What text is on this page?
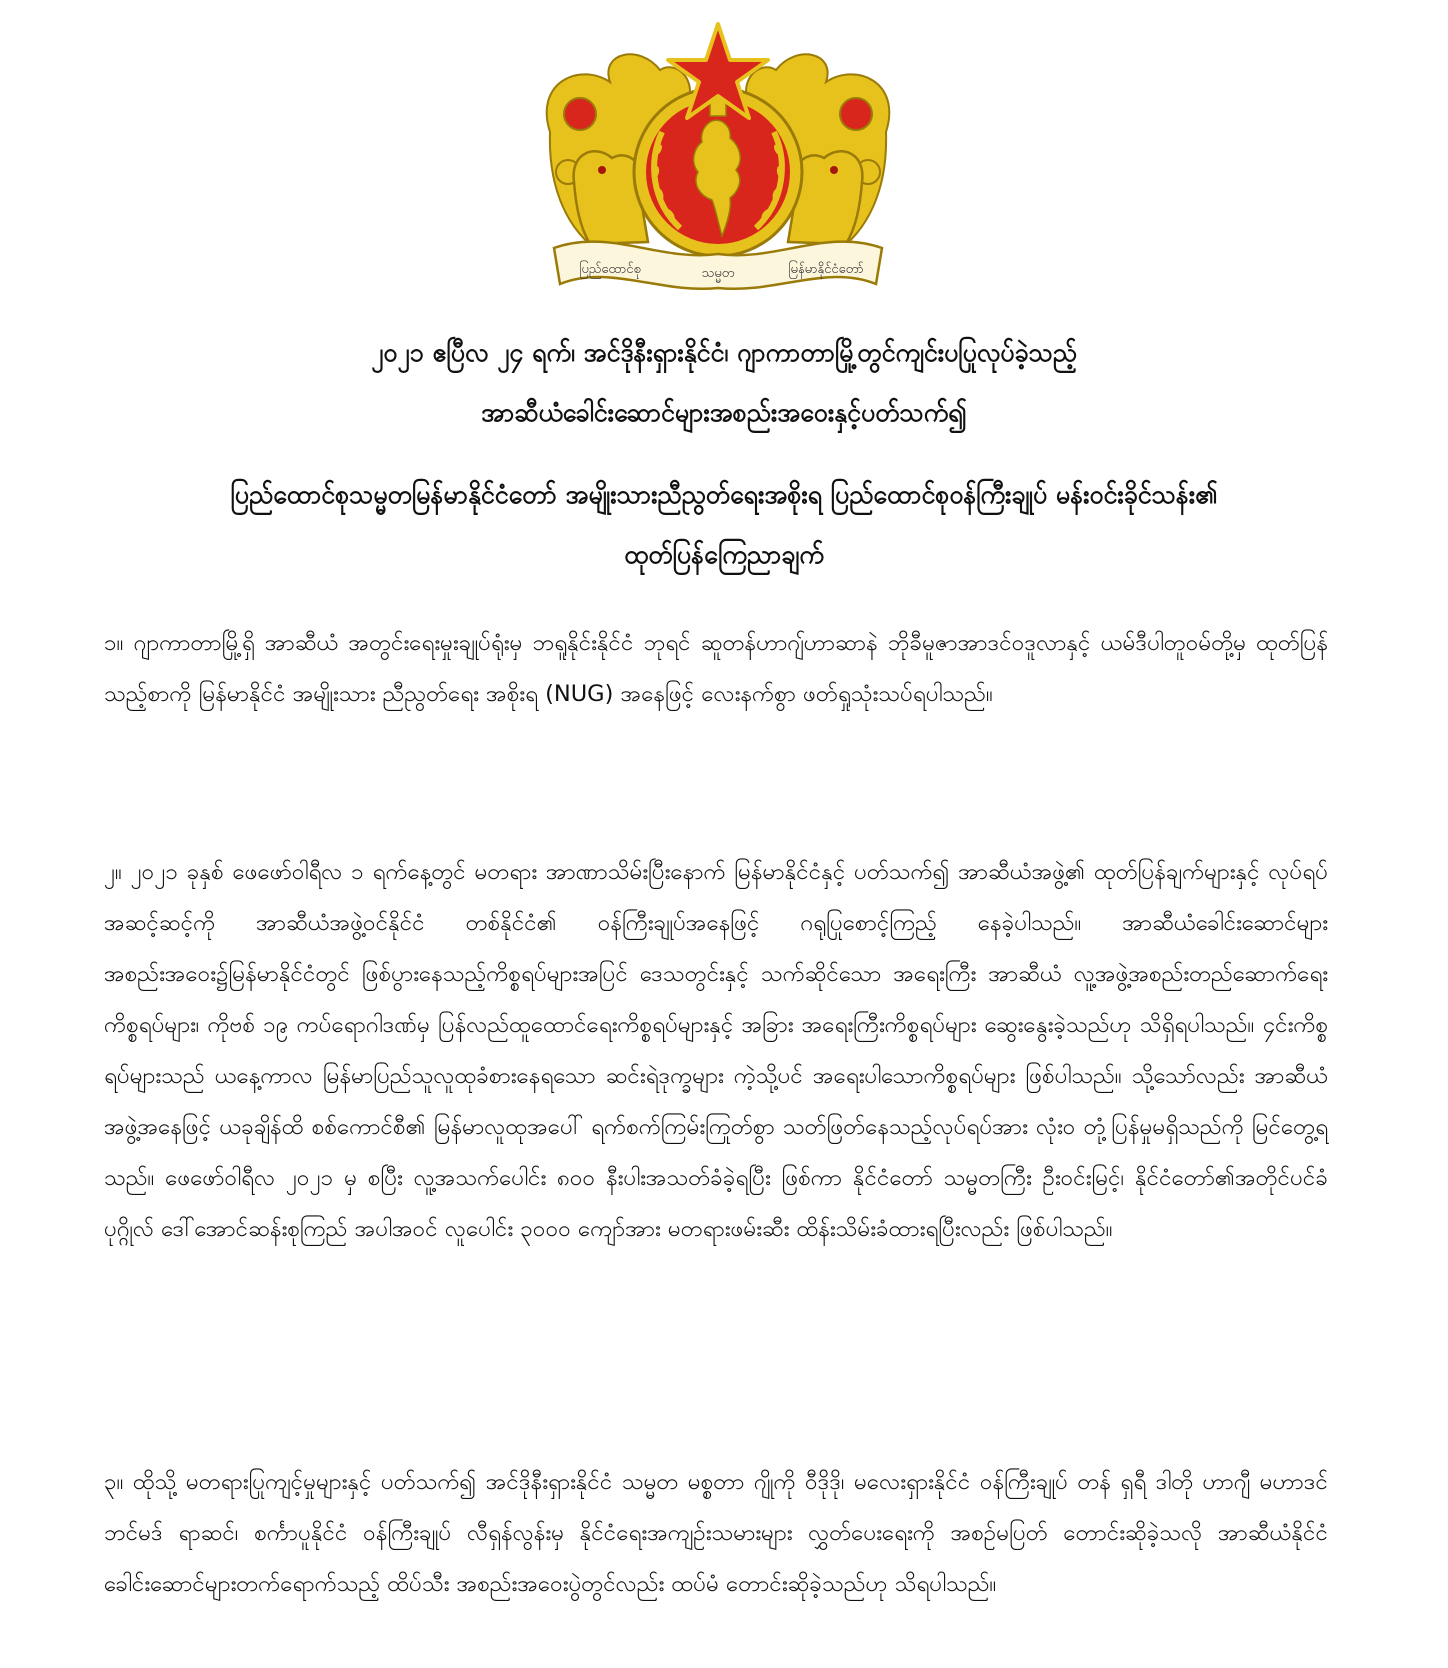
ပြည်ထောင်စု	သမ္မတ	မြန်မာနိုင်ငံတော်
၂၀၂၁ ဧပြီလ ၂၄ ရက်၊ အင်ဒိုနီးရှားနိုင်ငံ၊ ဂျာကာတာမြို့တွင်ကျင်းပပြုလုပ်ခဲ့သည့်
အာဆီယံခေါင်းဆောင်များအစည်းအဝေးနှင့်ပတ်သက်၍
ပြည်ထောင်စုသမ္မတမြန်မာနိုင်ငံတော် အမျိုးသားညီညွတ်ရေးအစိုးရ ပြည်ထောင်စုဝန်ကြီးချုပ် မန်းဝင်းခိုင်သန်း၏
ထုတ်ပြန်ကြေညာချက်

၁။ ဂျာကာတာမြို့ရှိ အာဆီယံ အတွင်းရေးမှုးချုပ်ရုံးမှ ဘရူနိုင်းနိုင်ငံ ဘုရင် ဆူတန်ဟာဂျ်ဟာဆာနဲ ဘိုခီမူဇာအာဒင်ဝဒူလာနှင့် ယမ်ဒီပါတူဝမ်တို့မှ ထုတ်ပြန်သည့်စာကို မြန်မာနိုင်ငံ အမျိုးသား ညီညွတ်ရေး အစိုးရ (NUG) အနေဖြင့် လေးနက်စွာ ဖတ်ရှုသုံးသပ်ရပါသည်။

၂။ ၂၀၂၁ ခုနှစ် ဖေဖော်ဝါရီလ ၁ ရက်နေ့တွင် မတရား အာဏာသိမ်းပြီးနောက် မြန်မာနိုင်ငံနှင့် ပတ်သက်၍ အာဆီယံအဖွဲ့၏ ထုတ်ပြန်ချက်များနှင့် လုပ်ရပ်အဆင့်ဆင့်ကို အာဆီယံအဖွဲ့ဝင်နိုင်ငံ တစ်နိုင်ငံ၏ ဝန်ကြီးချုပ်အနေဖြင့် ဂရုပြုစောင့်ကြည့် နေခဲ့ပါသည်။ အာဆီယံခေါင်းဆောင်များ အစည်းအဝေး၌မြန်မာနိုင်ငံတွင် ဖြစ်ပွားနေသည့်ကိစ္စရပ်များအပြင် ဒေသတွင်းနှင့် သက်ဆိုင်သော အရေးကြီး အာဆီယံ လူ့အဖွဲ့အစည်းတည်ဆောက်ရေး ကိစ္စရပ်များ၊ ကိုဗစ် ၁၉ ကပ်ရောဂါဒဏ်မှ ပြန်လည်ထူထောင်ရေးကိစ္စရပ်များနှင့် အခြား အရေးကြီးကိစ္စရပ်များ ဆွေးနွေးခဲ့သည်ဟု သိရှိရပါသည်။ ၄င်းကိစ္စရပ်များသည် ယနေ့ကာလ မြန်မာပြည်သူလူထုခံစားနေရသော ဆင်းရဲဒုက္ခများ ကဲ့သို့ပင် အရေးပါသောကိစ္စရပ်များ ဖြစ်ပါသည်။ သို့သော်လည်း အာဆီယံအဖွဲ့အနေဖြင့် ယခုချိန်ထိ စစ်ကောင်စီ၏ မြန်မာလူထုအပေါ် ရက်စက်ကြမ်းကြုတ်စွာ သတ်ဖြတ်နေသည့်လုပ်ရပ်အား လုံးဝ တုံ့ပြန်မှုမရှိသည်ကို မြင်တွေ့ရသည်။ ဖေဖော်ဝါရီလ ၂၀၂၁ မှ စပြီး လူ့အသက်ပေါင်း ၈၀၀ နီးပါးအသတ်ခံခဲ့ရပြီး ဖြစ်ကာ နိုင်ငံတော် သမ္မတကြီး ဦးဝင်းမြင့်၊ နိုင်ငံတော်၏အတိုင်ပင်ခံပုဂ္ဂိုလ် ဒေါ်အောင်ဆန်းစုကြည် အပါအဝင် လူပေါင်း ၃၀၀၀ ကျော်အား မတရားဖမ်းဆီး ထိန်းသိမ်းခံထားရပြီးလည်း ဖြစ်ပါသည်။

၃။ ထိုသို့ မတရားပြုကျင့်မှုများနှင့် ပတ်သက်၍ အင်ဒိုနီးရှားနိုင်ငံ သမ္မတ မစ္စတာ ဂျိုကို ဝီဒိုဒို၊ မလေးရှားနိုင်ငံ ဝန်ကြီးချုပ် တန် ရှရီ ဒါတို ဟာဂျီ မဟာဒင် ဘင်မဒ် ရာဆင်၊ စင်္ကာပူနိုင်ငံ ဝန်ကြီးချုပ် လီရှန်လွန်းမှ နိုင်ငံရေးအကျဉ်းသမားများ လွှတ်ပေးရေးကို အစဉ်မပြတ် တောင်းဆိုခဲ့သလို အာဆီယံနိုင်ငံ ခေါင်းဆောင်များတက်ရောက်သည့် ထိပ်သီး အစည်းအဝေးပွဲတွင်လည်း ထပ်မံ တောင်းဆိုခဲ့သည်ဟု သိရပါသည်။
